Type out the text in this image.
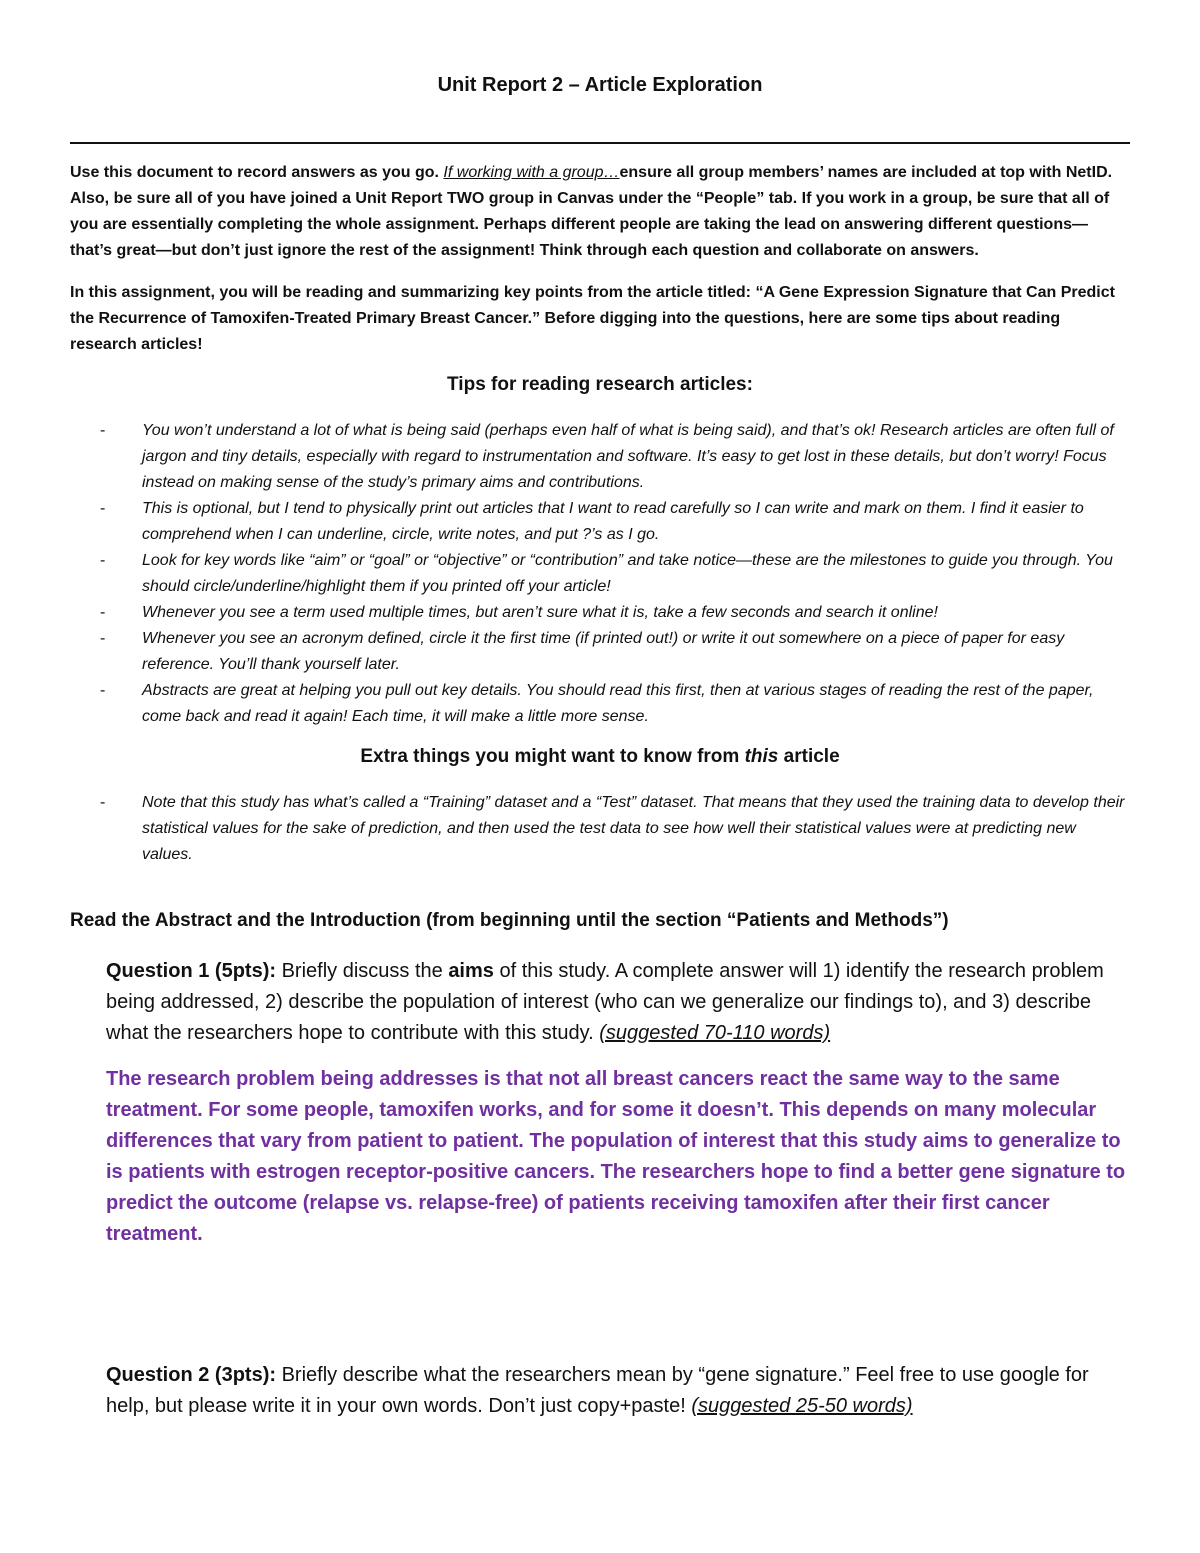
Unit Report 2 – Article Exploration
Use this document to record answers as you go. If working with a group…ensure all group members’ names are included at top with NetID. Also, be sure all of you have joined a Unit Report TWO group in Canvas under the “People” tab. If you work in a group, be sure that all of you are essentially completing the whole assignment. Perhaps different people are taking the lead on answering different questions—that’s great—but don’t just ignore the rest of the assignment! Think through each question and collaborate on answers.
In this assignment, you will be reading and summarizing key points from the article titled: “A Gene Expression Signature that Can Predict the Recurrence of Tamoxifen-Treated Primary Breast Cancer.” Before digging into the questions, here are some tips about reading research articles!
Tips for reading research articles:
- You won’t understand a lot of what is being said (perhaps even half of what is being said), and that’s ok! Research articles are often full of jargon and tiny details, especially with regard to instrumentation and software. It’s easy to get lost in these details, but don’t worry! Focus instead on making sense of the study’s primary aims and contributions.
- This is optional, but I tend to physically print out articles that I want to read carefully so I can write and mark on them. I find it easier to comprehend when I can underline, circle, write notes, and put ?’s as I go.
- Look for key words like “aim” or “goal” or “objective” or “contribution” and take notice—these are the milestones to guide you through. You should circle/underline/highlight them if you printed off your article!
- Whenever you see a term used multiple times, but aren’t sure what it is, take a few seconds and search it online!
- Whenever you see an acronym defined, circle it the first time (if printed out!) or write it out somewhere on a piece of paper for easy reference. You’ll thank yourself later.
- Abstracts are great at helping you pull out key details. You should read this first, then at various stages of reading the rest of the paper, come back and read it again! Each time, it will make a little more sense.
Extra things you might want to know from this article
- Note that this study has what’s called a “Training” dataset and a “Test” dataset. That means that they used the training data to develop their statistical values for the sake of prediction, and then used the test data to see how well their statistical values were at predicting new values.
Read the Abstract and the Introduction (from beginning until the section “Patients and Methods”)
Question 1 (5pts): Briefly discuss the aims of this study. A complete answer will 1) identify the research problem being addressed, 2) describe the population of interest (who can we generalize our findings to), and 3) describe what the researchers hope to contribute with this study. (suggested 70-110 words)
The research problem being addresses is that not all breast cancers react the same way to the same treatment. For some people, tamoxifen works, and for some it doesn’t. This depends on many molecular differences that vary from patient to patient. The population of interest that this study aims to generalize to is patients with estrogen receptor-positive cancers. The researchers hope to find a better gene signature to predict the outcome (relapse vs. relapse-free) of patients receiving tamoxifen after their first cancer treatment.
Question 2 (3pts): Briefly describe what the researchers mean by “gene signature.” Feel free to use google for help, but please write it in your own words. Don’t just copy+paste! (suggested 25-50 words)
